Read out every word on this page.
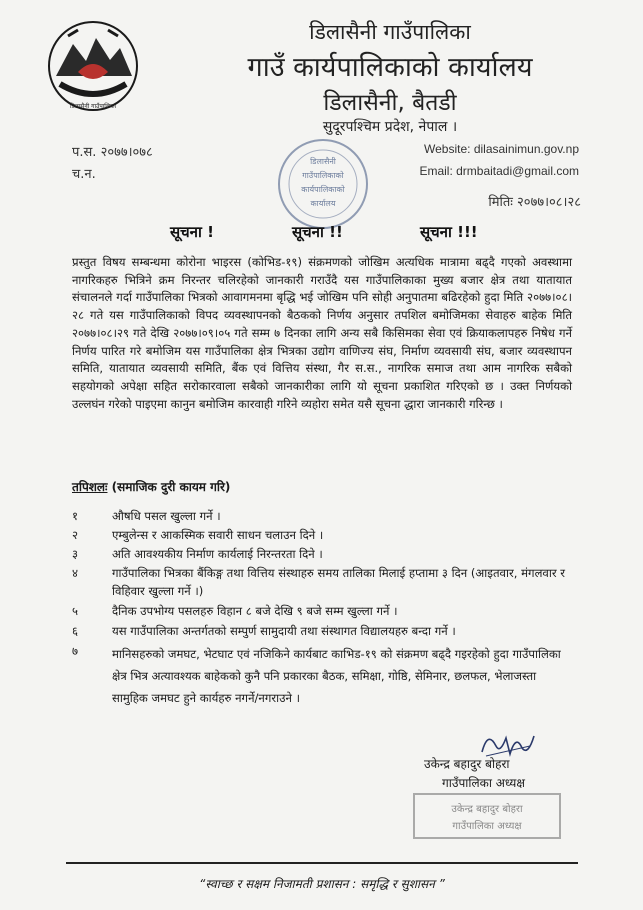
डिलासैनी गाउँपालिका
डिलासैनी गाउँपालिका
गाउँ कार्यपालिकाको कार्यालय
डिलासैनी, बैतडी
सुदूरपश्चिम प्रदेश, नेपाल ।
प.स. २०७७।०७८
च.न.
Website: dilasainimun.gov.np
Email: drmbaitadi@gmail.com
मितिः २०७७।०८।२८
डिलासैनी
गाउँपालिकाको
कार्यपालिकाको
कार्यालय
सूचना !	सूचना !!	सूचना !!!
प्रस्तुत विषय सम्बन्धमा कोरोना भाइरस (कोभिड-१९) संक्रमणको जोखिम अत्यधिक मात्रामा बढ्दै गएको अवस्थामा नागरिकहरु भित्रिने क्रम निरन्तर चलिरहेको जानकारी गराउँदै यस गाउँपालिकाका मुख्य बजार क्षेत्र तथा यातायात संचालनले गर्दा गाउँपालिका भित्रको आवागमनमा बृद्धि भई जोखिम पनि सोही अनुपातमा बढिरहेको हुदा मिति २०७७।०८।२८ गते यस गाउँपालिकाको विपद व्यवस्थापनको बैठकको निर्णय अनुसार तपशिल बमोजिमका सेवाहरु बाहेक मिति २०७७।०८।२९ गते देखि २०७७।०९।०५ गते सम्म ७ दिनका लागि अन्य सबै किसिमका सेवा एवं क्रियाकलापहरु निषेध गर्ने निर्णय पारित गरे बमोजिम यस गाउँपालिका क्षेत्र भित्रका उद्योग वाणिज्य संघ, निर्माण व्यवसायी संघ, बजार व्यवस्थापन समिति, यातायात व्यवसायी समिति, बैंक एवं वित्तिय संस्था, गैर स.स., नागरिक समाज तथा आम नागरिक सबैको सहयोगको अपेक्षा सहित सरोकारवाला सबैको जानकारीका लागि यो सूचना प्रकाशित गरिएको छ । उक्त निर्णयको उल्लघंन गरेको पाइएमा कानुन बमोजिम कारवाही गरिने व्यहोरा समेत यसै सूचना द्धारा जानकारी गरिन्छ ।
तपिशलः (समाजिक दुरी कायम गरि)
१	औषधि पसल खुल्ला गर्ने ।
२	एम्बुलेन्स र आकस्मिक सवारी साधन चलाउन दिने ।
३	अति आवश्यकीय निर्माण कार्यलाई निरन्तरता दिने ।
४	गाउँपालिका भित्रका बैंकिङ्ग तथा वित्तिय संस्थाहरु समय तालिका मिलाई हप्तामा ३ दिन (आइतवार, मंगलवार र विहिवार खुल्ला गर्ने ।)
५	दैनिक उपभोग्य पसलहरु विहान ८ बजे देखि ९ बजे सम्म खुल्ला गर्ने ।
६	यस गाउँपालिका अन्तर्गतको सम्पुर्ण सामुदायी तथा संस्थागत विद्यालयहरु बन्दा गर्ने ।
७	मानिसहरुको जमघट, भेटघाट एवं नजिकिने कार्यबाट काभिड-१९ को संक्रमण बढ्दै गइरहेको हुदा गाउँपालिका क्षेत्र भित्र अत्यावश्यक बाहेकको कुनै पनि प्रकारका बैठक, समिक्षा, गोष्ठि, सेमिनार, छलफल, भेलाजस्ता सामुहिक जमघट हुने कार्यहरु नगर्ने/नगराउने ।
उकेन्द्र बहादुर बोहरा
गाउँपालिका अध्यक्ष
उकेन्द्र बहादुर बोहरा
गाउँपालिका अध्यक्ष
“स्वाच्छ र सक्षम निजामती प्रशासन : समृद्धि र सुशासन ”
